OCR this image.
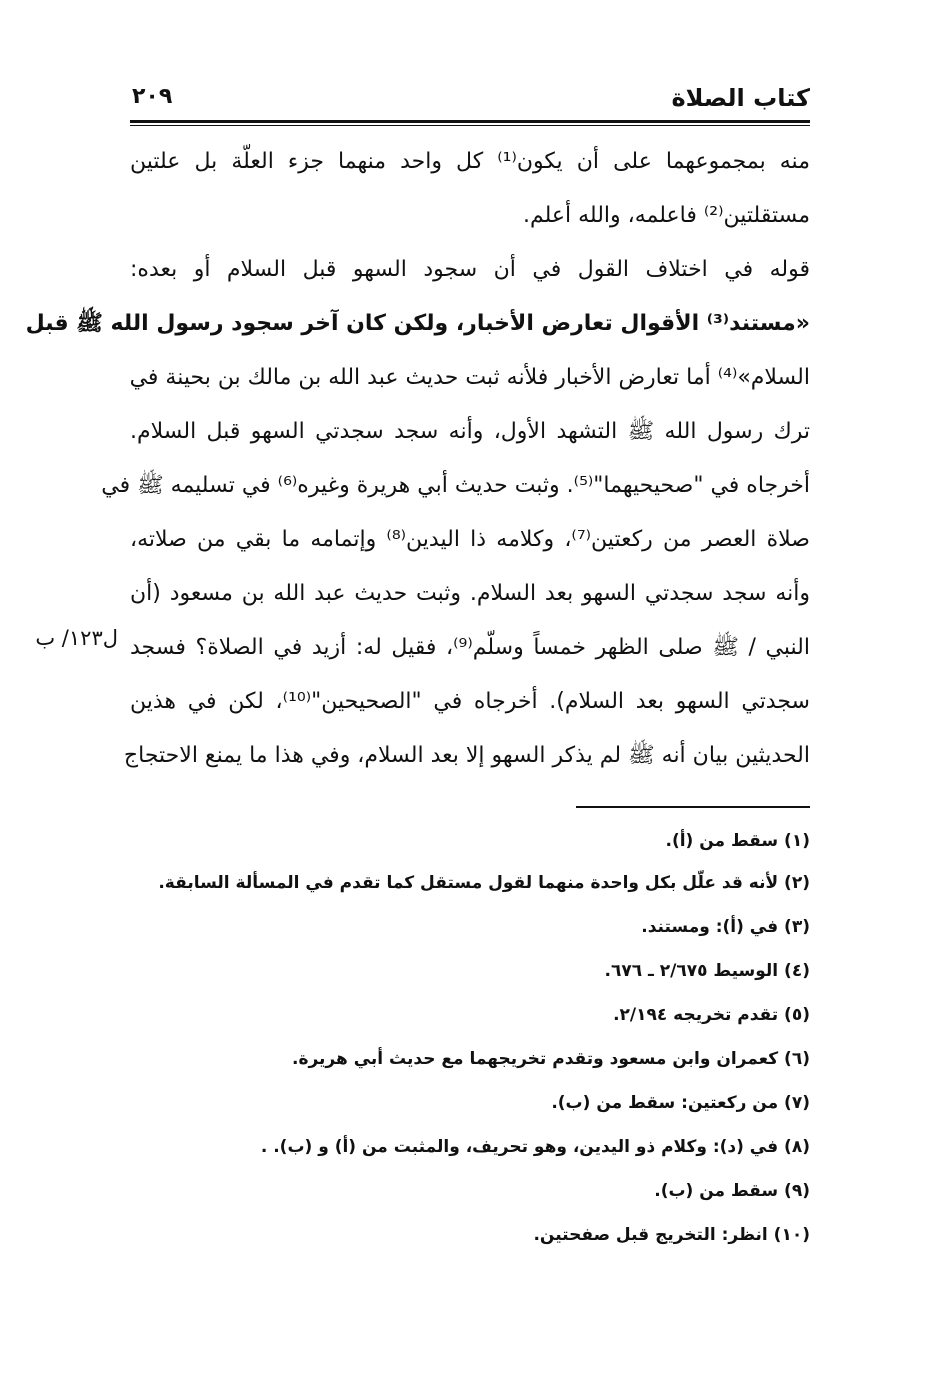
كتاب الصلاة
٢٠٩
منه بمجموعهما على أن يكون⁽¹⁾ كل واحد منهما جزء العلّة بل علتين
مستقلتين⁽²⁾ فاعلمه، والله أعلم.
قوله في اختلاف القول في أن سجود السهو قبل السلام أو بعده:
«مستند⁽³⁾ الأقوال تعارض الأخبار، ولكن كان آخر سجود رسول الله ﷺ قبل
السلام»⁽⁴⁾ أما تعارض الأخبار فلأنه ثبت حديث عبد الله بن مالك بن بحينة في
ترك رسول الله ﷺ التشهد الأول، وأنه سجد سجدتي السهو قبل السلام.
أخرجاه في "صحيحيهما"⁽⁵⁾. وثبت حديث أبي هريرة وغيره⁽⁶⁾ في تسليمه ﷺ في
صلاة العصر من ركعتين⁽⁷⁾، وكلامه ذا اليدين⁽⁸⁾ وإتمامه ما بقي من صلاته،
وأنه سجد سجدتي السهو بعد السلام. وثبت حديث عبد الله بن مسعود (أن
النبي / ﷺ صلى الظهر خمساً وسلّم⁽⁹⁾، فقيل له: أزيد في الصلاة؟ فسجد
سجدتي السهو بعد السلام). أخرجاه في "الصحيحين"⁽¹⁰⁾، لكن في هذين
الحديثين بيان أنه ﷺ لم يذكر السهو إلا بعد السلام، وفي هذا ما يمنع الاحتجاج
ل١٢٣/ ب
(١) سقط من (أ).
(٢) لأنه قد علّل بكل واحدة منهما لقول مستقل كما تقدم في المسألة السابقة.
(٣) في (أ): ومستند.
(٤) الوسيط ٢/٦٧٥ ـ ٦٧٦.
(٥) تقدم تخريجه ٢/١٩٤.
(٦) كعمران وابن مسعود وتقدم تخريجهما مع حديث أبي هريرة.
(٧) من ركعتين: سقط من (ب).
(٨) في (د): وكلام ذو اليدين، وهو تحريف، والمثبت من (أ) و (ب). .
(٩) سقط من (ب).
(١٠) انظر: التخريج قبل صفحتين.
